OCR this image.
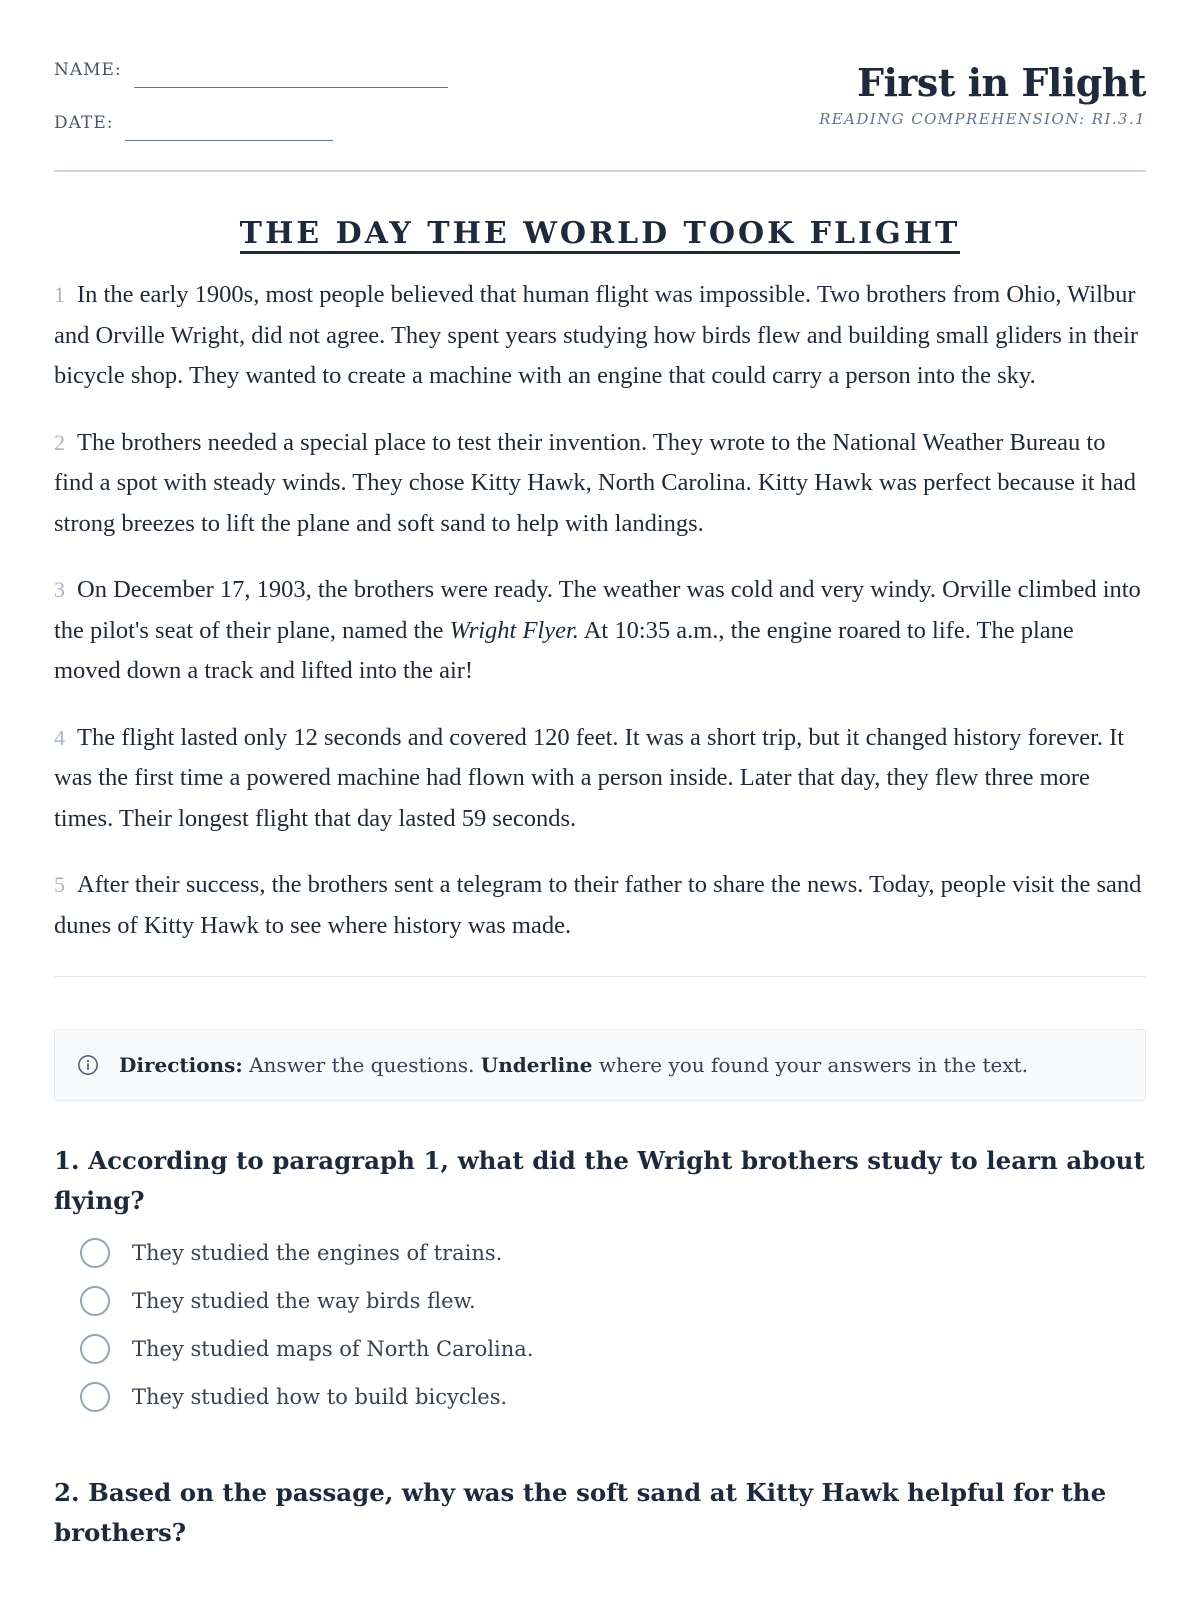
NAME:
DATE:
First in Flight
READING COMPREHENSION: RI.3.1
THE DAY THE WORLD TOOK FLIGHT

1 In the early 1900s, most people believed that human flight was impossible. Two brothers from Ohio, Wilbur and Orville Wright, did not agree. They spent years studying how birds flew and building small gliders in their bicycle shop. They wanted to create a machine with an engine that could carry a person into the sky.

2 The brothers needed a special place to test their invention. They wrote to the National Weather Bureau to find a spot with steady winds. They chose Kitty Hawk, North Carolina. Kitty Hawk was perfect because it had strong breezes to lift the plane and soft sand to help with landings.

3 On December 17, 1903, the brothers were ready. The weather was cold and very windy. Orville climbed into the pilot's seat of their plane, named the Wright Flyer. At 10:35 a.m., the engine roared to life. The plane moved down a track and lifted into the air!

4 The flight lasted only 12 seconds and covered 120 feet. It was a short trip, but it changed history forever. It was the first time a powered machine had flown with a person inside. Later that day, they flew three more times. Their longest flight that day lasted 59 seconds.

5 After their success, the brothers sent a telegram to their father to share the news. Today, people visit the sand dunes of Kitty Hawk to see where history was made.

Directions: Answer the questions. Underline where you found your answers in the text.
1. According to paragraph 1, what did the Wright brothers study to learn about flying?
They studied the engines of trains.
They studied the way birds flew.
They studied maps of North Carolina.
They studied how to build bicycles.
2. Based on the passage, why was the soft sand at Kitty Hawk helpful for the brothers?
